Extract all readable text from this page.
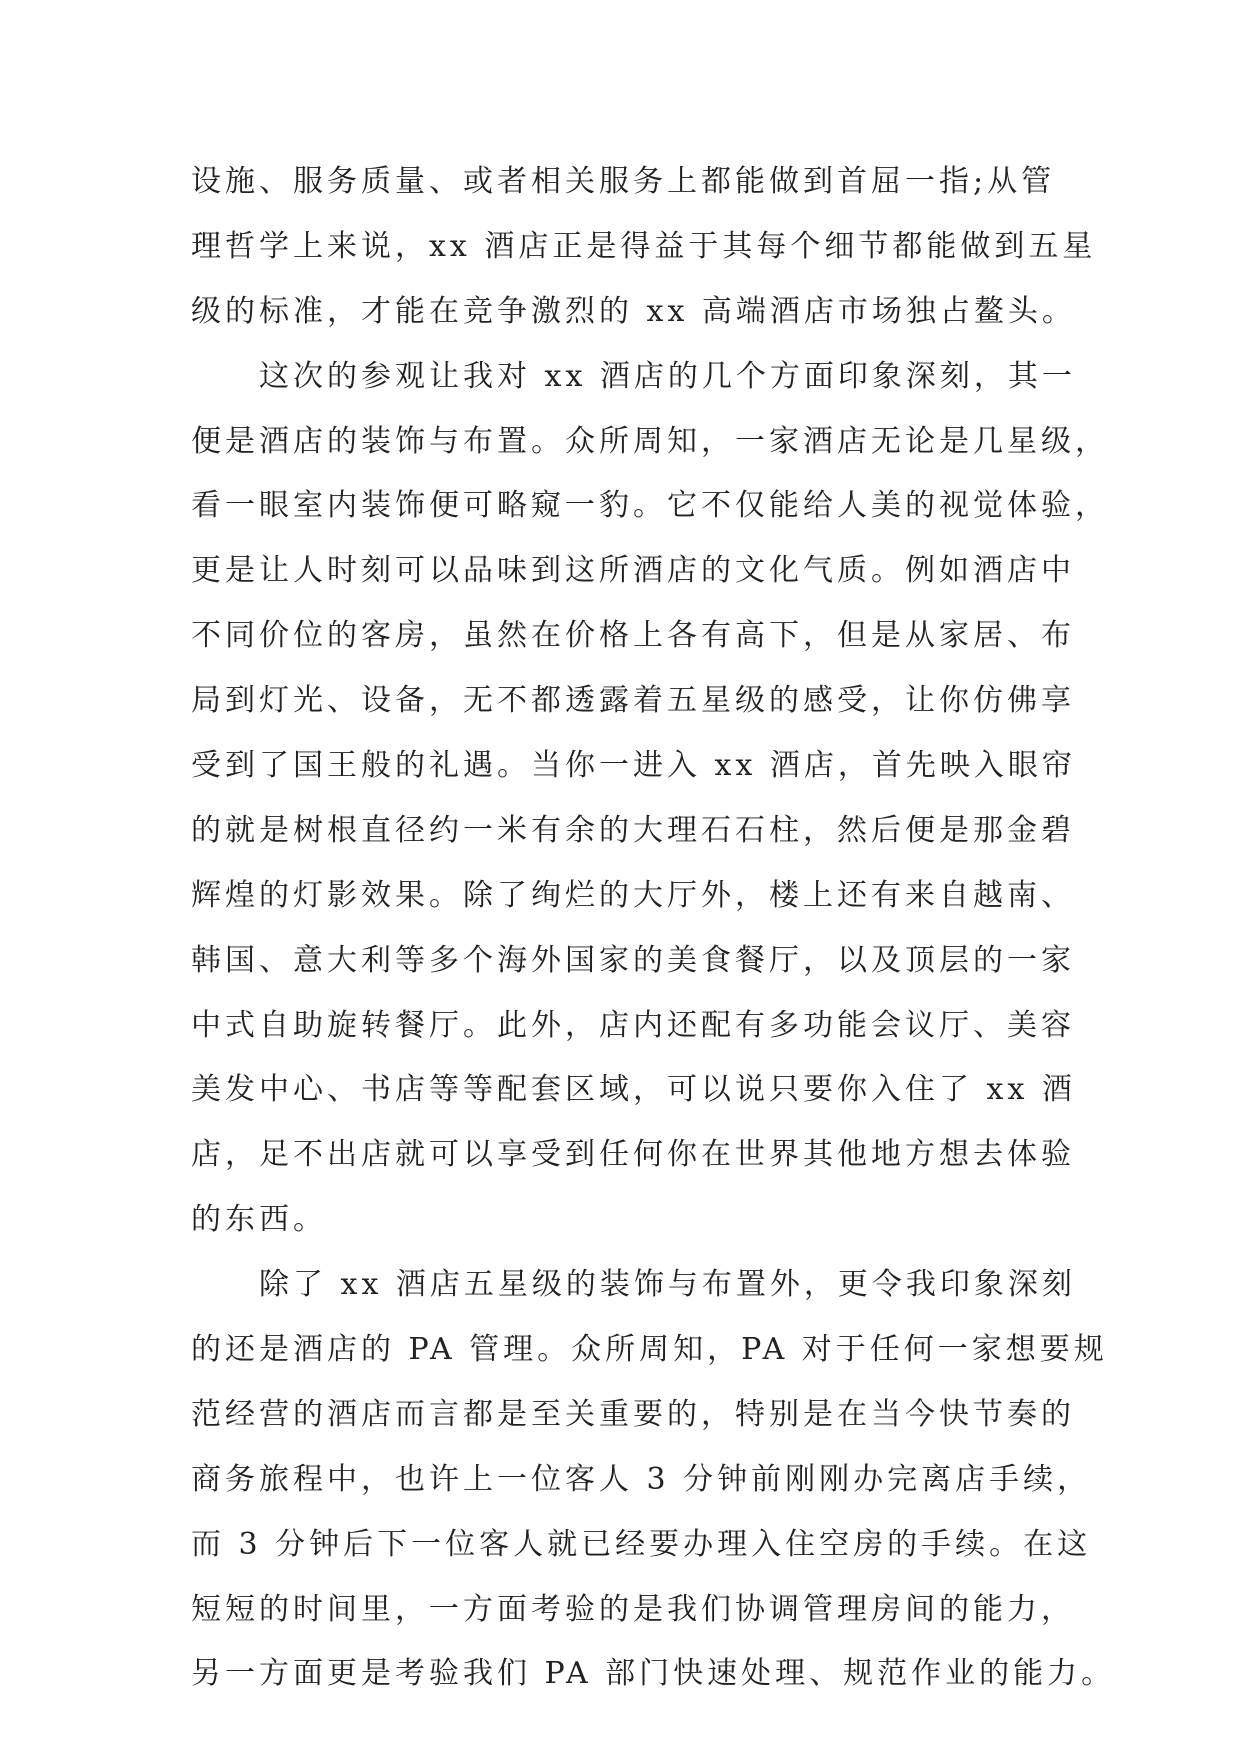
设施、服务质量、或者相关服务上都能做到首屈一指;从管
理哲学上来说，xx 酒店正是得益于其每个细节都能做到五星
级的标准，才能在竞争激烈的 xx 高端酒店市场独占鳌头。
这次的参观让我对 xx 酒店的几个方面印象深刻，其一
便是酒店的装饰与布置。众所周知，一家酒店无论是几星级，
看一眼室内装饰便可略窥一豹。它不仅能给人美的视觉体验，
更是让人时刻可以品味到这所酒店的文化气质。例如酒店中
不同价位的客房，虽然在价格上各有高下，但是从家居、布
局到灯光、设备，无不都透露着五星级的感受，让你仿佛享
受到了国王般的礼遇。当你一进入 xx 酒店，首先映入眼帘
的就是树根直径约一米有余的大理石石柱，然后便是那金碧
辉煌的灯影效果。除了绚烂的大厅外，楼上还有来自越南、
韩国、意大利等多个海外国家的美食餐厅，以及顶层的一家
中式自助旋转餐厅。此外，店内还配有多功能会议厅、美容
美发中心、书店等等配套区域，可以说只要你入住了 xx 酒
店，足不出店就可以享受到任何你在世界其他地方想去体验
的东西。
除了 xx 酒店五星级的装饰与布置外，更令我印象深刻
的还是酒店的 PA 管理。众所周知，PA 对于任何一家想要规
范经营的酒店而言都是至关重要的，特别是在当今快节奏的
商务旅程中，也许上一位客人 3 分钟前刚刚办完离店手续，
而 3 分钟后下一位客人就已经要办理入住空房的手续。在这
短短的时间里，一方面考验的是我们协调管理房间的能力，
另一方面更是考验我们 PA 部门快速处理、规范作业的能力。
